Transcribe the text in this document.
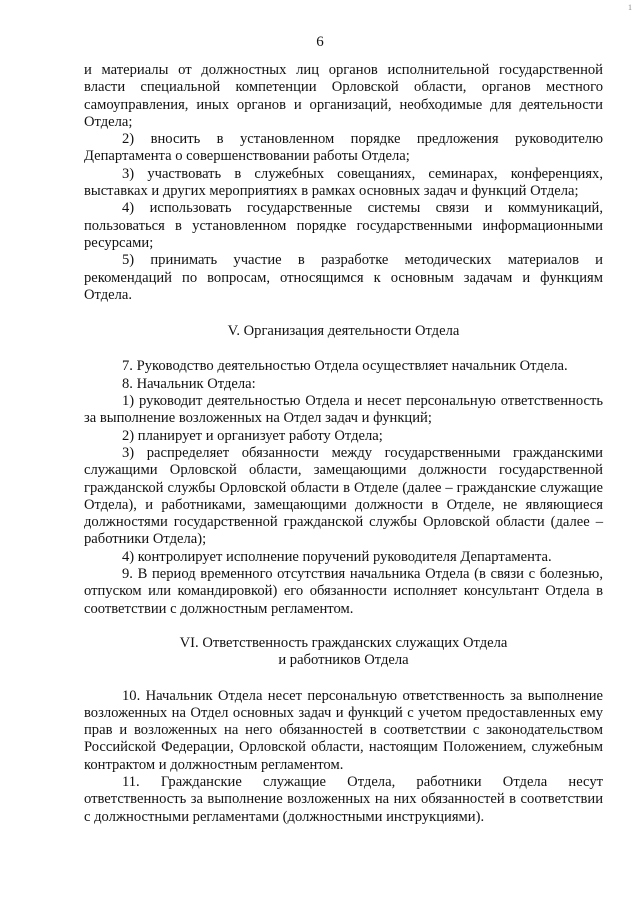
1
6

и материалы от должностных лиц органов исполнительной государственной власти специальной компетенции Орловской области, органов местного самоуправления, иных органов и организаций, необходимые для деятельности Отдела;

2) вносить в установленном порядке предложения руководителю Департамента о совершенствовании работы Отдела;

3) участвовать в служебных совещаниях, семинарах, конференциях, выставках и других мероприятиях в рамках основных задач и функций Отдела;

4) использовать государственные системы связи и коммуникаций, пользоваться в установленном порядке государственными информационными ресурсами;

5) принимать участие в разработке методических материалов и рекомендаций по вопросам, относящимся к основным задачам и функциям Отдела.

V. Организация деятельности Отдела

7. Руководство деятельностью Отдела осуществляет начальник Отдела.

8. Начальник Отдела:

1) руководит деятельностью Отдела и несет персональную ответственность за выполнение возложенных на Отдел задач и функций;

2) планирует и организует работу Отдела;

3) распределяет обязанности между государственными гражданскими служащими Орловской области, замещающими должности государственной гражданской службы Орловской области в Отделе (далее – гражданские служащие Отдела), и работниками, замещающими должности в Отделе, не являющиеся должностями государственной гражданской службы Орловской области (далее – работники Отдела);

4) контролирует исполнение поручений руководителя Департамента.

9. В период временного отсутствия начальника Отдела (в связи с болезнью, отпуском или командировкой) его обязанности исполняет консультант Отдела в соответствии с должностным регламентом.

VI. Ответственность гражданских служащих Отдела

и работников Отдела

10. Начальник Отдела несет персональную ответственность за выполнение возложенных на Отдел основных задач и функций с учетом предоставленных ему прав и возложенных на него обязанностей в соответствии с законодательством Российской Федерации, Орловской области, настоящим Положением, служебным контрактом и должностным регламентом.

11. Гражданские служащие Отдела, работники Отдела несут ответственность за выполнение возложенных на них обязанностей в соответствии с должностными регламентами (должностными инструкциями).
